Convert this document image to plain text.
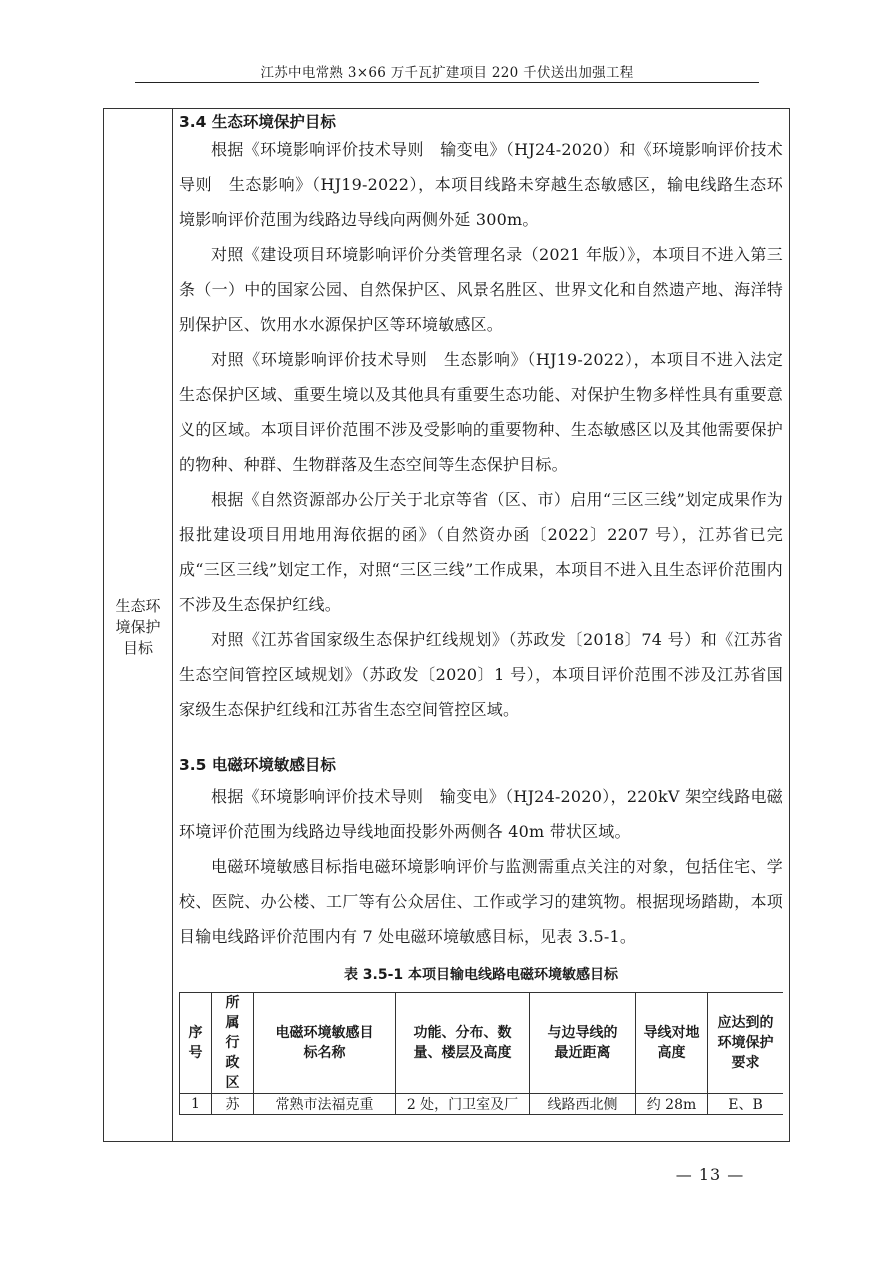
江苏中电常熟 3×66 万千瓦扩建项目 220 千伏送出加强工程
生态环境保护目标
3.4 生态环境保护目标

根据《环境影响评价技术导则　输变电》（HJ24-2020）和《环境影响评价技术导则　生态影响》（HJ19-2022），本项目线路未穿越生态敏感区，输电线路生态环境影响评价范围为线路边导线向两侧外延 300m。

对照《建设项目环境影响评价分类管理名录（2021 年版）》，本项目不进入第三条（一）中的国家公园、自然保护区、风景名胜区、世界文化和自然遗产地、海洋特别保护区、饮用水水源保护区等环境敏感区。

对照《环境影响评价技术导则　生态影响》（HJ19-2022），本项目不进入法定生态保护区域、重要生境以及其他具有重要生态功能、对保护生物多样性具有重要意义的区域。本项目评价范围不涉及受影响的重要物种、生态敏感区以及其他需要保护的物种、种群、生物群落及生态空间等生态保护目标。

根据《自然资源部办公厅关于北京等省（区、市）启用“三区三线”划定成果作为报批建设项目用地用海依据的函》（自然资办函〔2022〕2207 号），江苏省已完成“三区三线”划定工作，对照“三区三线”工作成果，本项目不进入且生态评价范围内不涉及生态保护红线。

对照《江苏省国家级生态保护红线规划》（苏政发〔2018〕74 号）和《江苏省生态空间管控区域规划》（苏政发〔2020〕1 号），本项目评价范围不涉及江苏省国家级生态保护红线和江苏省生态空间管控区域。

3.5 电磁环境敏感目标

根据《环境影响评价技术导则　输变电》（HJ24-2020），220kV 架空线路电磁环境评价范围为线路边导线地面投影外两侧各 40m 带状区域。

电磁环境敏感目标指电磁环境影响评价与监测需重点关注的对象，包括住宅、学校、医院、办公楼、工厂等有公众居住、工作或学习的建筑物。根据现场踏勘，本项目输电线路评价范围内有 7 处电磁环境敏感目标，见表 3.5-1。

表 3.5-1 本项目输电线路电磁环境敏感目标
序号	所属行政区	电磁环境敏感目标名称	功能、分布、数量、楼层及高度	与边导线的最近距离	导线对地高度	应达到的环境保护要求
1	苏	常熟市法福克重	2 处，门卫室及厂	线路西北侧	约 28m	E、B
— 13 —
